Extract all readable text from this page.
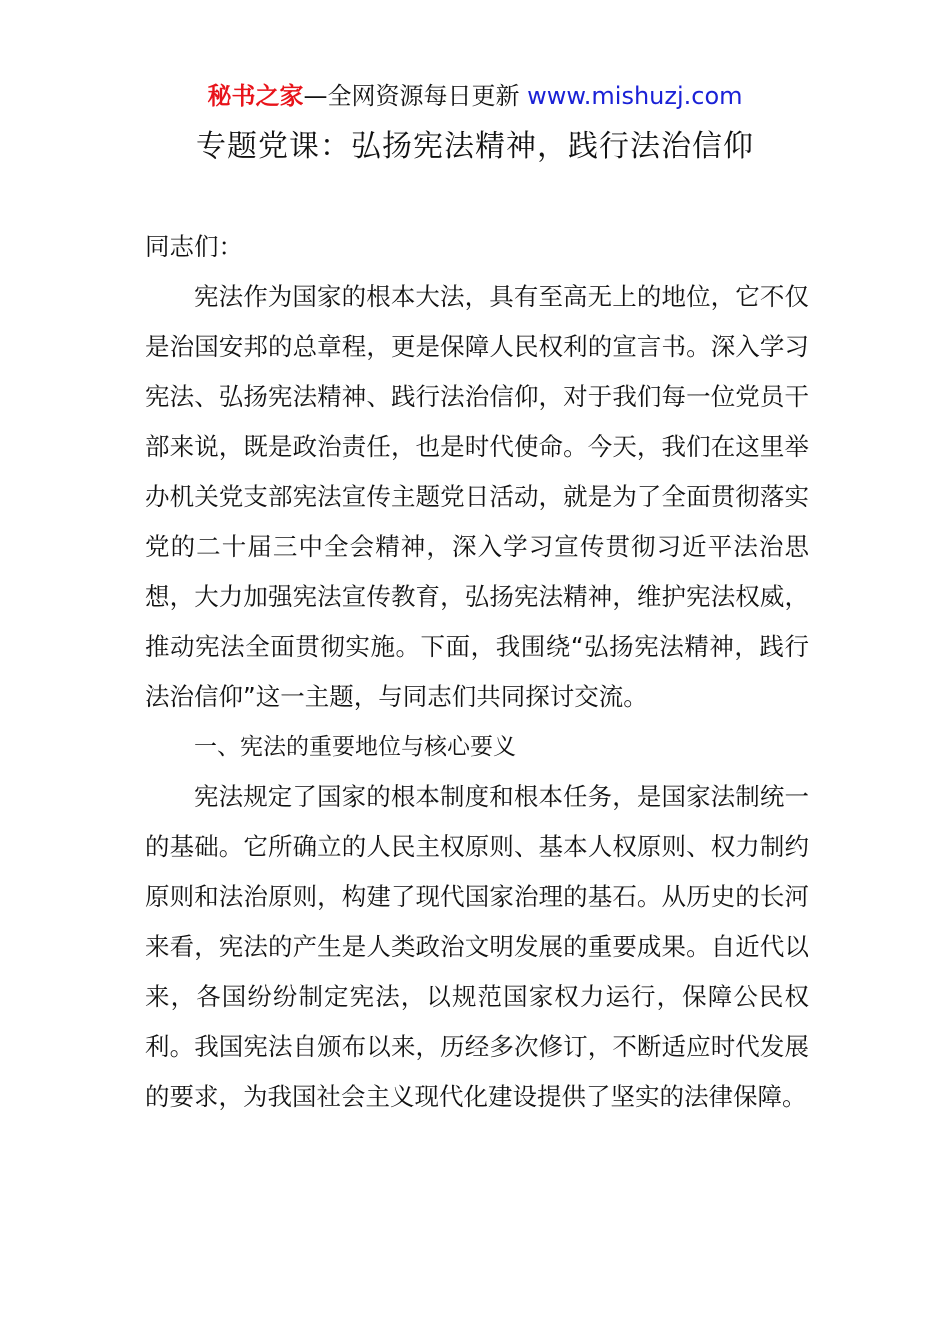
秘书之家—全网资源每日更新 www.mishuzj.com
专题党课：弘扬宪法精神，践行法治信仰

同志们：

宪法作为国家的根本大法，具有至高无上的地位，它不仅是治国安邦的总章程，更是保障人民权利的宣言书。深入学习宪法、弘扬宪法精神、践行法治信仰，对于我们每一位党员干部来说，既是政治责任，也是时代使命。今天，我们在这里举办机关党支部宪法宣传主题党日活动，就是为了全面贯彻落实党的二十届三中全会精神，深入学习宣传贯彻习近平法治思想，大力加强宪法宣传教育，弘扬宪法精神，维护宪法权威，推动宪法全面贯彻实施。下面，我围绕“弘扬宪法精神，践行法治信仰”这一主题，与同志们共同探讨交流。

一、宪法的重要地位与核心要义

宪法规定了国家的根本制度和根本任务，是国家法制统一的基础。它所确立的人民主权原则、基本人权原则、权力制约原则和法治原则，构建了现代国家治理的基石。从历史的长河来看，宪法的产生是人类政治文明发展的重要成果。自近代以来，各国纷纷制定宪法，以规范国家权力运行，保障公民权利。我国宪法自颁布以来，历经多次修订，不断适应时代发展的要求，为我国社会主义现代化建设提供了坚实的法律保障。
